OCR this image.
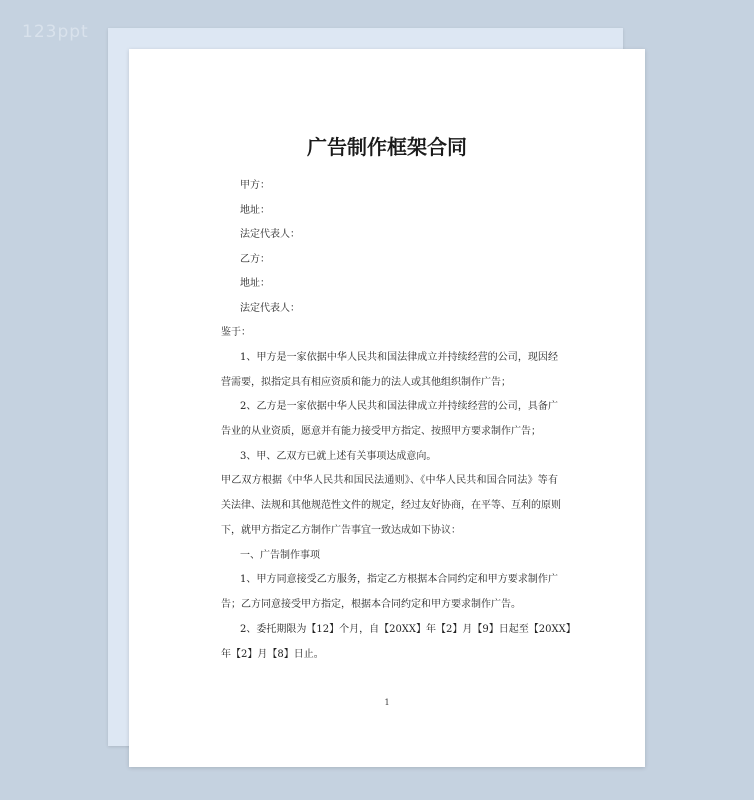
123ppt
广告制作框架合同
甲方：
地址：
法定代表人：
乙方：
地址：
法定代表人：
鉴于：
1、甲方是一家依据中华人民共和国法律成立并持续经营的公司，现因经
营需要，拟指定具有相应资质和能力的法人或其他组织制作广告；
2、乙方是一家依据中华人民共和国法律成立并持续经营的公司，具备广
告业的从业资质，愿意并有能力接受甲方指定、按照甲方要求制作广告；
3、甲、乙双方已就上述有关事项达成意向。
甲乙双方根据《中华人民共和国民法通则》、《中华人民共和国合同法》等有
关法律、法规和其他规范性文件的规定，经过友好协商，在平等、互利的原则
下，就甲方指定乙方制作广告事宜一致达成如下协议：
一、广告制作事项
1、甲方同意接受乙方服务，指定乙方根据本合同约定和甲方要求制作广
告；乙方同意接受甲方指定，根据本合同约定和甲方要求制作广告。
2、委托期限为【12】个月，自【20XX】年【2】月【9】日起至【20XX】
年【2】月【8】日止。
1
